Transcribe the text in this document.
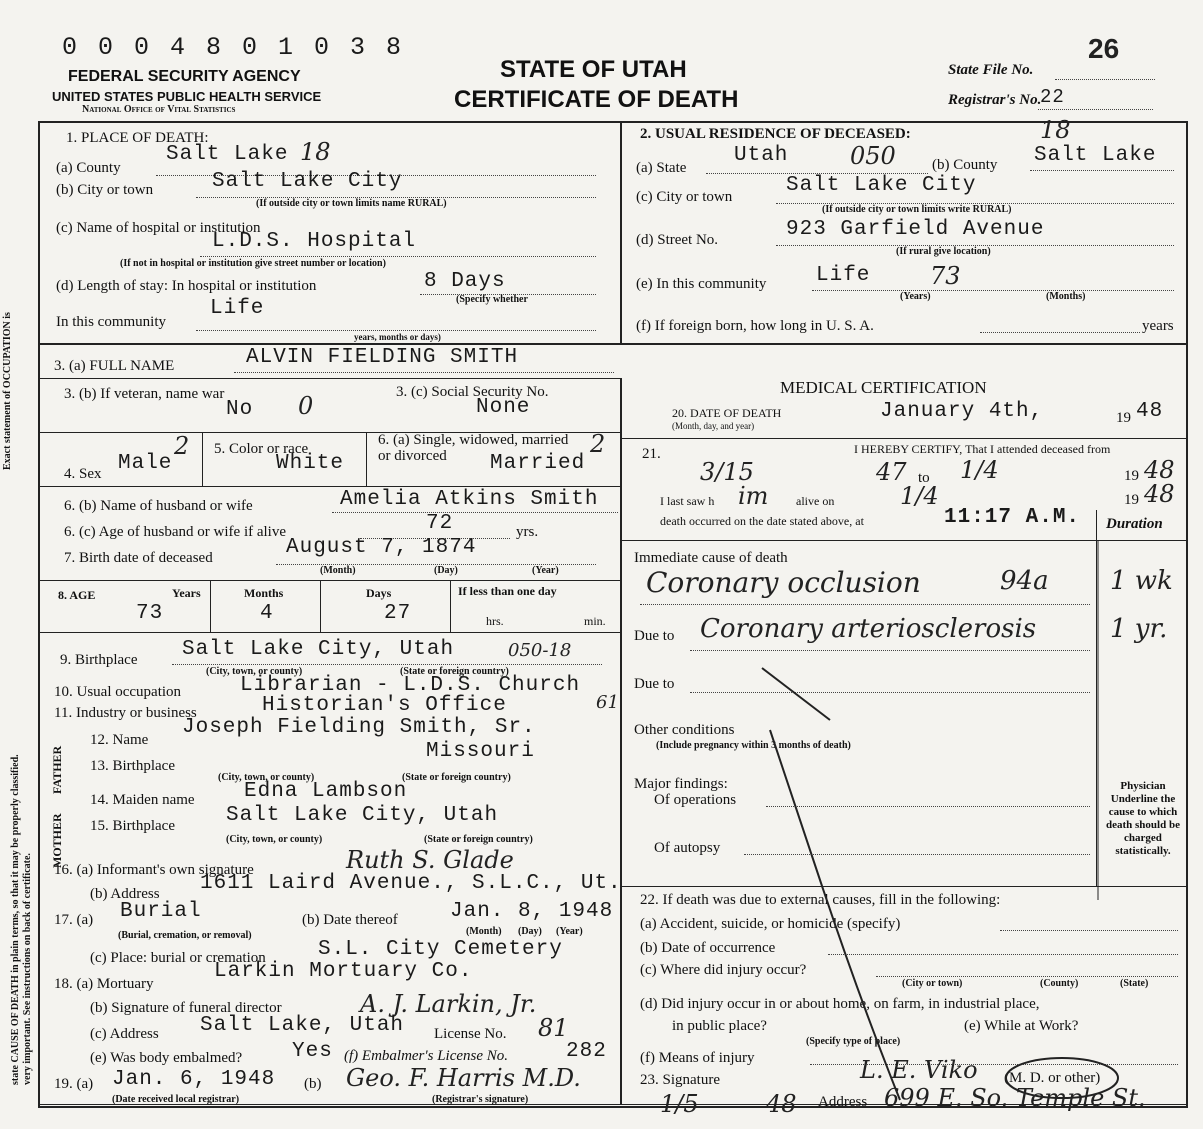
0 0 0 4 8 0 1 0 3 8	26
State File No.
Registrar's No.
22
FEDERAL SECURITY AGENCY
UNITED STATES PUBLIC HEALTH SERVICE
National Office of Vital Statistics
STATE OF UTAH
CERTIFICATE OF DEATH
state CAUSE OF DEATH in plain terms, so that it may be properly classified. very important. See instructions on back of certificate.
Exact statement of OCCUPATION is
1. PLACE OF DEATH:
(a) County
Salt Lake 18
(b) City or town	Salt Lake City
(If outside city or town limits name RURAL)
(c) Name of hospital or institution
L.D.S. Hospital
(If not in hospital or institution give street number or location)
(d) Length of stay: In hospital or institution	8 Days
(Specify whether
In this community
Life
years, months or days)
2. USUAL RESIDENCE OF DECEASED:	18
(a) State
Utah	050 (b) County Salt Lake
(c) City or town	Salt Lake City
(If outside city or town limits write RURAL)
(d) Street No.	923 Garfield Avenue
(If rural give location)
(e) In this community Life 73
(Years)	(Months)
(f) If foreign born, how long in U. S. A.	years
3. (a) FULL NAME	ALVIN FIELDING SMITH
3. (b) If veteran, name war
No 0	3. (c) Social Security No.
None
4. Sex Male
2 5. Color or race
White
6. (a) Single, widowed, married or divorced	Married
2
6. (b) Name of husband or wife	Amelia Atkins Smith
6. (c) Age of husband or wife if alive	72	yrs.
7. Birth date of deceased	August 7, 1874
(Month)	(Day)	(Year)
8. AGE	Years	Months	Days	If less than one day
73	4	27	hrs.	min.
9. Birthplace Salt Lake City, Utah	050-18
(City, town, or county)	(State or foreign country)
10. Usual occupation	Librarian - L.D.S. Church
11. Industry or business	Historian's Office	61
FATHER
MOTHER
12. Name
Joseph Fielding Smith, Sr.
13. Birthplace
Missouri
(City, town, or county)	(State or foreign country)
14. Maiden name Edna Lambson
15. Birthplace Salt Lake City, Utah
(City, town, or county)	(State or foreign country)
16. (a) Informant's own signature	Ruth S. Glade
(b) Address 1611 Laird Avenue., S.L.C., Ut.
17. (a) Burial
(Burial, cremation, or removal)
(b) Date thereof Jan. 8, 1948
(Month) (Day) (Year)
(c) Place: burial or cremation S.L. City Cemetery
18. (a) Mortuary
Larkin Mortuary Co.
(b) Signature of funeral director	A. J. Larkin, Jr.
(c) Address Salt Lake, Utah License No. 81
(e) Was body embalmed? Yes (f) Embalmer's License No.	282
19. (a) Jan. 6, 1948
(Date received local registrar)
(b) Geo. F. Harris M.D.
(Registrar's signature)
MEDICAL CERTIFICATION
20. DATE OF DEATH
(Month, day, and year)
January 4th,	19 48
21.	I HEREBY CERTIFY, That I attended deceased from
3/15	47 to 1/4	19 48
I last saw h im alive on	1/4	19 48
death occurred on the date stated above, at	11:17 A.M. Duration
Immediate cause of death
Coronary occlusion	94a 1 wk
Due to Coronary arteriosclerosis	1 yr.
Due to
Other conditions
(Include pregnancy within 3 months of death)
Major findings:
Of operations
Of autopsy
Physician Underline the cause to which death should be charged statistically.
22. If death was due to external causes, fill in the following:
(a) Accident, suicide, or homicide (specify)
(b) Date of occurrence
(c) Where did injury occur?
(City or town)	(County)	(State)
(d) Did injury occur in or about home, on farm, in industrial place,
in public place?
(Specify type of place)
(e) While at Work?
(f) Means of injury
23. Signature	L. E. Viko (M. D. or other)
1/5	48 Address 699 E. So. Temple St.
